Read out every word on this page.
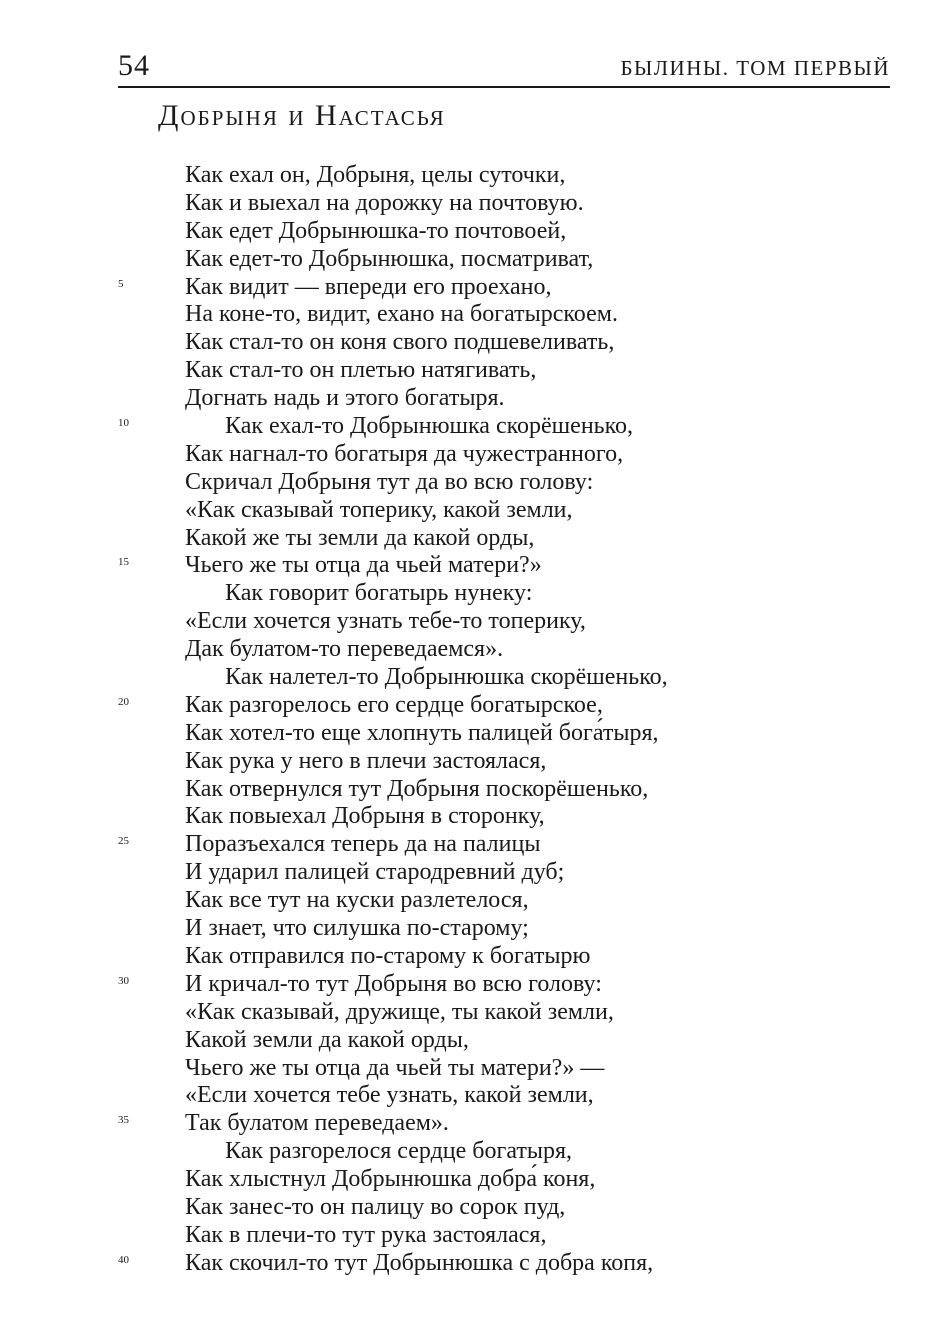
54	БЫЛИНЫ. ТОМ ПЕРВЫЙ
Добрыня и Настасья
Как ехал он, Добрыня, целы суточки,
Как и выехал на дорожку на почтовую.
Как едет Добрынюшка-то почтовоей,
Как едет-то Добрынюшка, посматриват,
5	Как видит — впереди его проехано,
На коне-то, видит, ехано на богатырскоем.
Как стал-то он коня свого подшевеливать,
Как стал-то он плетью натягивать,
Догнать надь и этого богатыря.
10	Как ехал-то Добрынюшка скорёшенько,
Как нагнал-то богатыря да чужестранного,
Скричал Добрыня тут да во всю голову:
«Как сказывай топерику, какой земли,
Какой же ты земли да какой орды,
15 Чьего же ты отца да чьей матери?»
Как говорит богатырь нунеку:
«Если хочется узнать тебе-то топерику,
Дак булатом-то переведаемся».
Как налетел-то Добрынюшка скорёшенько,
20 Как разгорелось его сердце богатырское,
Как хотел-то еще хлопнуть палицей бога́тыря,
Как рука у него в плечи застоялася,
Как отвернулся тут Добрыня поскорёшенько,
Как повыехал Добрыня в сторонку,
25 Поразъехался теперь да на палицы
И ударил палицей стародревний дуб;
Как все тут на куски разлетелося,
И знает, что силушка по-старому;
Как отправился по-старому к богатырю
30 И кричал-то тут Добрыня во всю голову:
«Как сказывай, дружище, ты какой земли,
Какой земли да какой орды,
Чьего же ты отца да чьей ты матери?» —
«Если хочется тебе узнать, какой земли,
35 Так булатом переведаем».
Как разгорелося сердце богатыря,
Как хлыстнул Добрынюшка добра́ коня,
Как занес-то он палицу во сорок пуд,
Как в плечи-то тут рука застоялася,
40 Как скочил-то тут Добрынюшка с добра копя,
